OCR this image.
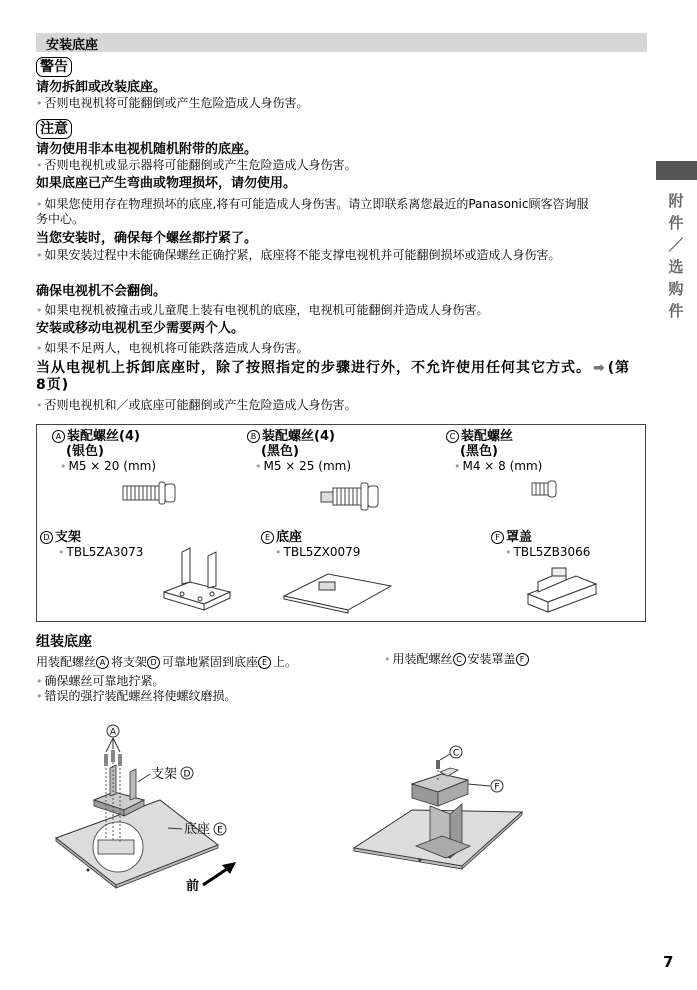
安装底座
警告
请勿拆卸或改装底座。
• 否则电视机将可能翻倒或产生危险造成人身伤害。
注意
请勿使用非本电视机随机附带的底座。
• 否则电视机或显示器将可能翻倒或产生危险造成人身伤害。
如果底座已产生弯曲或物理损坏，请勿使用。
• 如果您使用存在物理损坏的底座,将有可能造成人身伤害。请立即联系离您最近的Panasonic顾客咨询服务中心。
当您安装时，确保每个螺丝都拧紧了。
• 如果安装过程中未能确保螺丝正确拧紧，底座将不能支撑电视机并可能翻倒损坏或造成人身伤害。
确保电视机不会翻倒。
• 如果电视机被撞击或儿童爬上装有电视机的底座，电视机可能翻倒并造成人身伤害。
安装或移动电视机至少需要两个人。
• 如果不足两人，电视机将可能跌落造成人身伤害。
当从电视机上拆卸底座时，除了按照指定的步骤进行外，不允许使用任何其它方式。 ➡ (第8页)
• 否则电视机和／或底座可能翻倒或产生危险造成人身伤害。
附件／选购件
A 装配螺丝(4)
(银色)
• M5 × 20 (mm)
B 装配螺丝(4)
(黑色)
• M5 × 25 (mm)
C 装配螺丝
(黑色)
• M4 × 8 (mm)
D 支架
• TBL5ZA3073
E 底座
• TBL5ZX0079
F 罩盖
• TBL5ZB3066
组装底座
用装配螺丝 A 将支架 D 可靠地紧固到底座 E 上。
• 确保螺丝可靠地拧紧。
• 错误的强拧装配螺丝将使螺纹磨损。
• 用装配螺丝 C 安装罩盖 F
A
支架 D
底座 E
前
C
F
7
